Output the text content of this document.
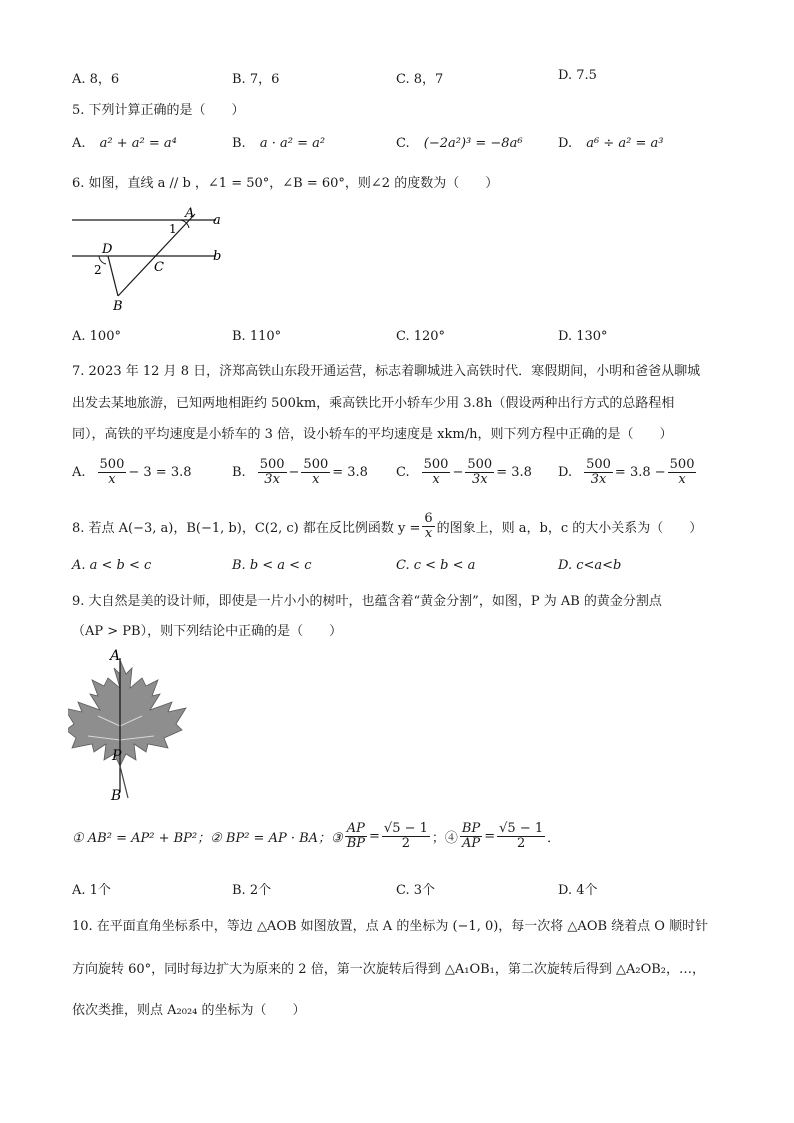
A. 8，6	B. 7，6	C. 8，7	D. 7.5
5. 下列计算正确的是（　　）
A. a² + a² = a⁴	B. a · a² = a²	C. (−2a²)³ = −8a⁶	D. a⁶ ÷ a² = a³
6. 如图，直线 a // b ，∠1 = 50°，∠B = 60°，则∠2 的度数为（　　）
A a
1
D	b
2	C
B
A. 100°	B. 110°	C. 120°	D. 130°
7. 2023 年 12 月 8 日，济郑高铁山东段开通运营，标志着聊城进入高铁时代．寒假期间，小明和爸爸从聊城
出发去某地旅游，已知两地相距约 500km，乘高铁比开小轿车少用 3.8h（假设两种出行方式的总路程相
同），高铁的平均速度是小轿车的 3 倍，设小轿车的平均速度是 xkm/h，则下列方程中正确的是（　　）
A. $\frac{500}{x} - 3 = 3.8$	B. $\frac{500}{3x} - \frac{500}{x} = 3.8$ C. $\frac{500}{x} - \frac{500}{3x} = 3.8$ D. $\frac{500}{3x} = 3.8 - \frac{500}{x}$
8. 若点 A(−3, a)，B(−1, b)，C(2, c) 都在反比例函数 $y = \frac{6}{x}$ 的图象上，则 a，b，c 的大小关系为（　　）
A. a < b < c	B. b < a < c	C. c < b < a	D. c<a<b
9. 大自然是美的设计师，即使是一片小小的树叶，也蕴含着“黄金分割”，如图，P 为 AB 的黄金分割点
（AP > PB），则下列结论中正确的是（　　）
A
P
B
① AB² = AP² + BP²；② BP² = AP · BA；③ $\frac{AP}{BP} = \frac{√5 - 1}{2}$ ；④ $\frac{BP}{AP} = \frac{√5 - 1}{2}$ ．
A. 1个	B. 2个	C. 3个	D. 4个
10. 在平面直角坐标系中，等边 △AOB 如图放置，点 A 的坐标为 (−1, 0)，每一次将 △AOB 绕着点 O 顺时针
方向旋转 60°，同时每边扩大为原来的 2 倍，第一次旋转后得到 △A₁OB₁，第二次旋转后得到 △A₂OB₂，…，
依次类推，则点 A₂₀₂₄ 的坐标为（　　）
